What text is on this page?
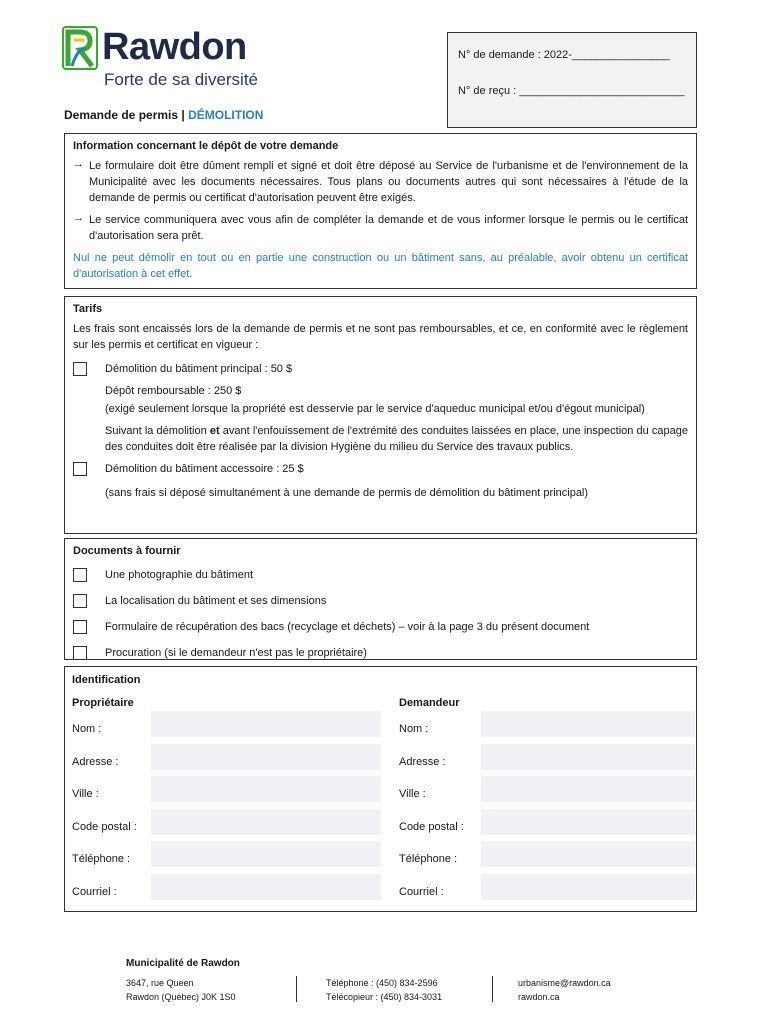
Rawdon
Forte de sa diversité
N° de demande : 2022-________________
N° de reçu : ___________________________
Demande de permis | DÉMOLITION
Information concernant le dépôt de votre demande
→ Le formulaire doit être dûment rempli et signé et doit être déposé au Service de l'urbanisme et de l'environnement de la Municipalité avec les documents nécessaires. Tous plans ou documents autres qui sont nécessaires à l'étude de la demande de permis ou certificat d'autorisation peuvent être exigés.
→ Le service communiquera avec vous afin de compléter la demande et de vous informer lorsque le permis ou le certificat d'autorisation sera prêt.
Nul ne peut démolir en tout ou en partie une construction ou un bâtiment sans, au préalable, avoir obtenu un certificat d'autorisation à cet effet.
Tarifs
Les frais sont encaissés lors de la demande de permis et ne sont pas remboursables, et ce, en conformité avec le règlement sur les permis et certificat en vigueur :
Démolition du bâtiment principal : 50 $
Dépôt remboursable : 250 $
(exigé seulement lorsque la propriété est desservie par le service d'aqueduc municipal et/ou d'égout municipal)
Suivant la démolition et avant l'enfouissement de l'extrémité des conduites laissées en place, une inspection du capage des conduites doit être réalisée par la division Hygiène du milieu du Service des travaux publics.
Démolition du bâtiment accessoire : 25 $
(sans frais si déposé simultanément à une demande de permis de démolition du bâtiment principal)
Documents à fournir
Une photographie du bâtiment
La localisation du bâtiment et ses dimensions
Formulaire de récupération des bacs (recyclage et déchets) – voir à la page 3 du présent document
Procuration (si le demandeur n'est pas le propriétaire)
Identification
Propriétaire	Demandeur
Nom :	Nom :
Adresse :	Adresse :
Ville :	Ville :
Code postal :	Code postal :
Téléphone :	Téléphone :
Courriel :	Courriel :
Municipalité de Rawdon
3647, rue Queen
Rawdon (Québec) J0K 1S0
Téléphone : (450) 834-2596
Télécopieur : (450) 834-3031
urbanisme@rawdon.ca
rawdon.ca
